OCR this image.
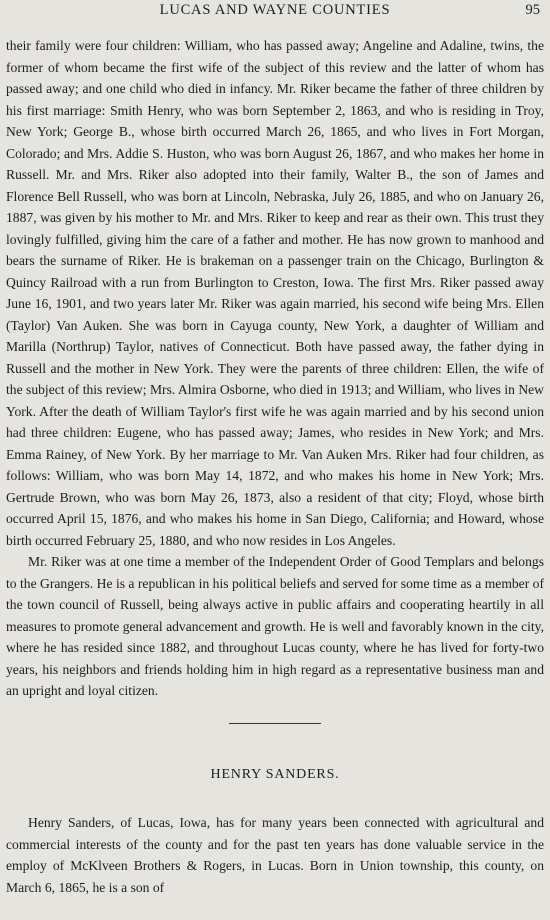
LUCAS AND WAYNE COUNTIES	95

their family were four children: William, who has passed away; Angeline and Adaline, twins, the former of whom became the first wife of the subject of this review and the latter of whom has passed away; and one child who died in infancy. Mr. Riker became the father of three children by his first marriage: Smith Henry, who was born September 2, 1863, and who is residing in Troy, New York; George B., whose birth occurred March 26, 1865, and who lives in Fort Morgan, Colorado; and Mrs. Addie S. Huston, who was born August 26, 1867, and who makes her home in Russell. Mr. and Mrs. Riker also adopted into their family, Walter B., the son of James and Florence Bell Russell, who was born at Lincoln, Nebraska, July 26, 1885, and who on January 26, 1887, was given by his mother to Mr. and Mrs. Riker to keep and rear as their own. This trust they lovingly fulfilled, giving him the care of a father and mother. He has now grown to manhood and bears the surname of Riker. He is brakeman on a passenger train on the Chicago, Burlington & Quincy Railroad with a run from Burlington to Creston, Iowa. The first Mrs. Riker passed away June 16, 1901, and two years later Mr. Riker was again married, his second wife being Mrs. Ellen (Taylor) Van Auken. She was born in Cayuga county, New York, a daughter of William and Marilla (Northrup) Taylor, natives of Connecticut. Both have passed away, the father dying in Russell and the mother in New York. They were the parents of three children: Ellen, the wife of the subject of this review; Mrs. Almira Osborne, who died in 1913; and William, who lives in New York. After the death of William Taylor's first wife he was again married and by his second union had three children: Eugene, who has passed away; James, who resides in New York; and Mrs. Emma Rainey, of New York. By her marriage to Mr. Van Auken Mrs. Riker had four children, as follows: William, who was born May 14, 1872, and who makes his home in New York; Mrs. Gertrude Brown, who was born May 26, 1873, also a resident of that city; Floyd, whose birth occurred April 15, 1876, and who makes his home in San Diego, California; and Howard, whose birth occurred February 25, 1880, and who now resides in Los Angeles.

Mr. Riker was at one time a member of the Independent Order of Good Templars and belongs to the Grangers. He is a republican in his political beliefs and served for some time as a member of the town council of Russell, being always active in public affairs and cooperating heartily in all measures to promote general advancement and growth. He is well and favorably known in the city, where he has resided since 1882, and throughout Lucas county, where he has lived for forty-two years, his neighbors and friends holding him in high regard as a representative business man and an upright and loyal citizen.

HENRY SANDERS.

Henry Sanders, of Lucas, Iowa, has for many years been connected with agricultural and commercial interests of the county and for the past ten years has done valuable service in the employ of McKlveen Brothers & Rogers, in Lucas. Born in Union township, this county, on March 6, 1865, he is a son of
